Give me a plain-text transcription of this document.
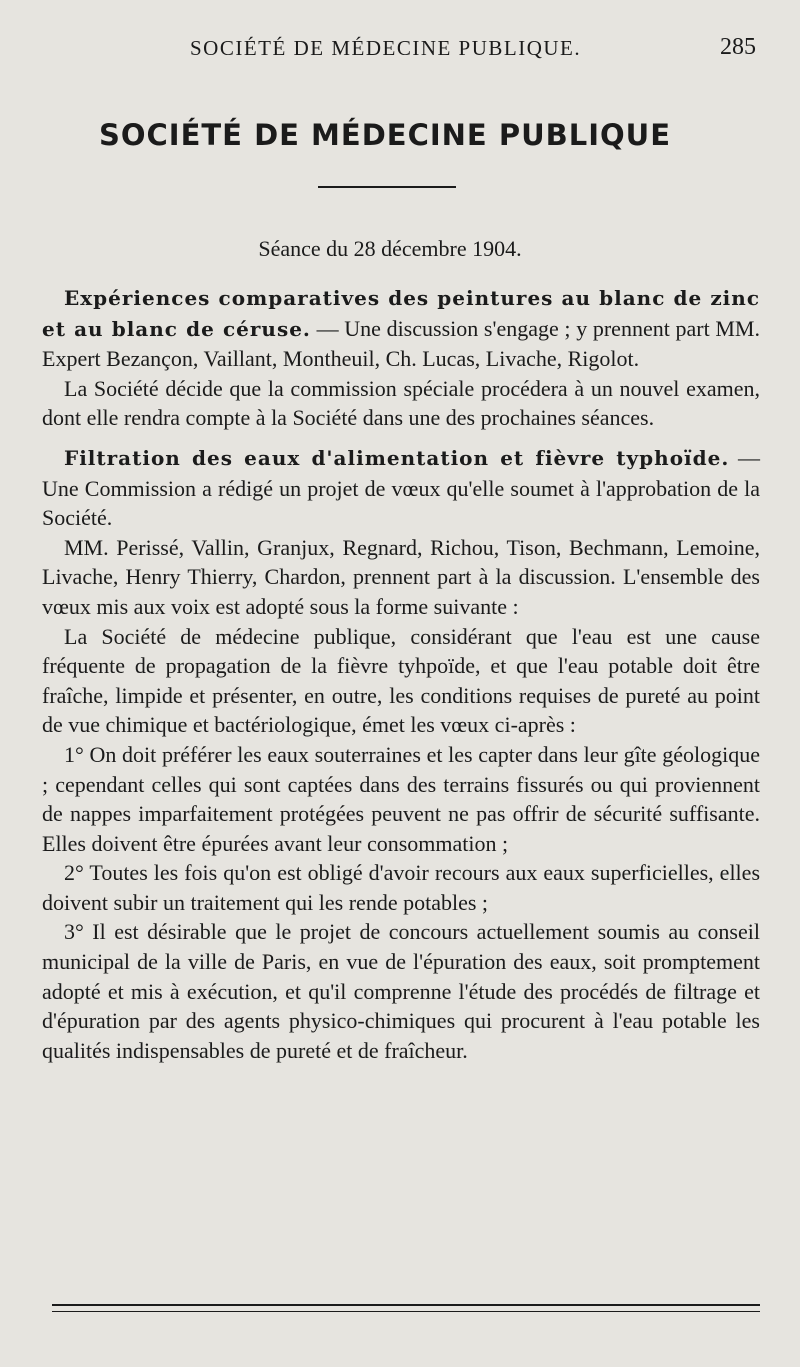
SOCIÉTÉ DE MÉDECINE PUBLIQUE.	285
SOCIÉTÉ DE MÉDECINE PUBLIQUE
Séance du 28 décembre 1904.

Expériences comparatives des peintures au blanc de zinc et au blanc de céruse. — Une discussion s'engage ; y prennent part MM. Expert Bezançon, Vaillant, Montheuil, Ch. Lucas, Livache, Rigolot.

La Société décide que la commission spéciale procédera à un nouvel examen, dont elle rendra compte à la Société dans une des prochaines séances.

Filtration des eaux d'alimentation et fièvre typhoïde. — Une Commission a rédigé un projet de vœux qu'elle soumet à l'approbation de la Société.

MM. Perissé, Vallin, Granjux, Regnard, Richou, Tison, Bechmann, Lemoine, Livache, Henry Thierry, Chardon, prennent part à la discussion. L'ensemble des vœux mis aux voix est adopté sous la forme suivante :

La Société de médecine publique, considérant que l'eau est une cause fréquente de propagation de la fièvre tyhpoïde, et que l'eau potable doit être fraîche, limpide et présenter, en outre, les conditions requises de pureté au point de vue chimique et bactériologique, émet les vœux ci-après :

1° On doit préférer les eaux souterraines et les capter dans leur gîte géologique ; cependant celles qui sont captées dans des terrains fissurés ou qui proviennent de nappes imparfaitement protégées peuvent ne pas offrir de sécurité suffisante. Elles doivent être épurées avant leur consommation ;

2° Toutes les fois qu'on est obligé d'avoir recours aux eaux superficielles, elles doivent subir un traitement qui les rende potables ;

3° Il est désirable que le projet de concours actuellement soumis au conseil municipal de la ville de Paris, en vue de l'épuration des eaux, soit promptement adopté et mis à exécution, et qu'il comprenne l'étude des procédés de filtrage et d'épuration par des agents physico-chimiques qui procurent à l'eau potable les qualités indispensables de pureté et de fraîcheur.
